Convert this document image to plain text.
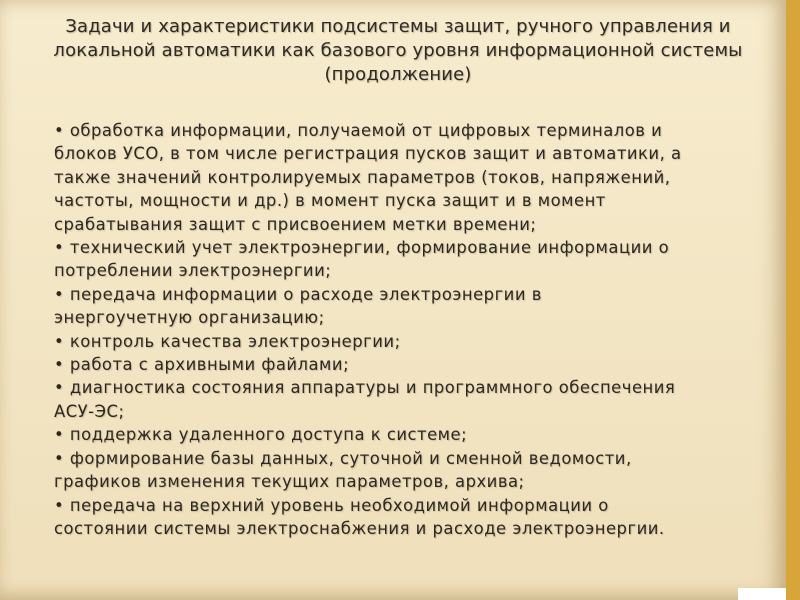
Задачи и характеристики подсистемы защит, ручного управления и
локальной автоматики как базового уровня информационной системы
(продолжение)
• обработка информации, получаемой от цифровых терминалов и
блоков УСО, в том числе регистрация пусков защит и автоматики, а
также значений контролируемых параметров (токов, напряжений,
частоты, мощности и др.) в момент пуска защит и в момент
срабатывания защит с присвоением метки времени;
• технический учет электроэнергии, формирование информации о
потреблении электроэнергии;
• передача информации о расходе электроэнергии в
энергоучетную организацию;
• контроль качества электроэнергии;
• работа с архивными файлами;
• диагностика состояния аппаратуры и программного обеспечения
АСУ-ЭС;
• поддержка удаленного доступа к системе;
• формирование базы данных, суточной и сменной ведомости,
графиков изменения текущих параметров, архива;
• передача на верхний уровень необходимой информации о
состоянии системы электроснабжения и расходе электроэнергии.
